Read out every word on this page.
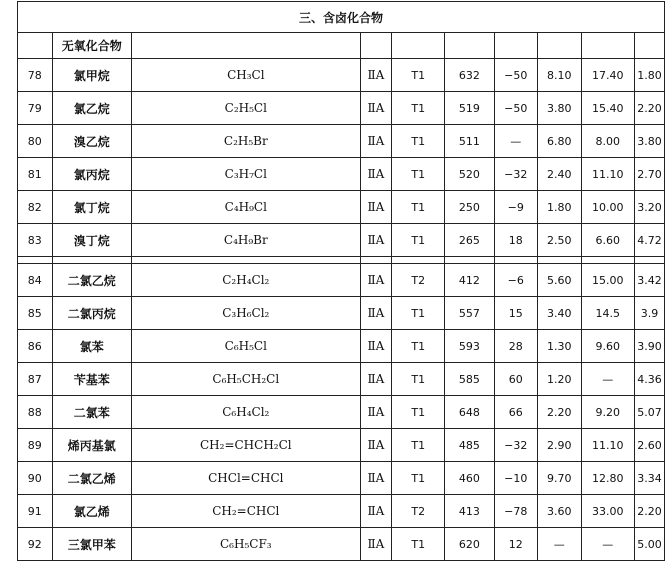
三、含卤化合物									
	无氧化合物								
78	氯甲烷	CH₃Cl	ⅡA	T1	632	−50	8.10	17.40	1.80
79	氯乙烷	C₂H₅Cl	ⅡA	T1	519	−50	3.80	15.40	2.20
80	溴乙烷	C₂H₅Br	ⅡA	T1	511	—	6.80	8.00	3.80
81	氯丙烷	C₃H₇Cl	ⅡA	T1	520	−32	2.40	11.10	2.70
82	氯丁烷	C₄H₉Cl	ⅡA	T1	250	−9	1.80	10.00	3.20
83	溴丁烷	C₄H₉Br	ⅡA	T1	265	18	2.50	6.60	4.72

84	二氯乙烷	C₂H₄Cl₂	ⅡA	T2	412	−6	5.60	15.00	3.42
85	二氯丙烷	C₃H₆Cl₂	ⅡA	T1	557	15	3.40	14.5	3.9
86	氯苯	C₆H₅Cl	ⅡA	T1	593	28	1.30	9.60	3.90
87	苄基苯	C₆H₅CH₂Cl	ⅡA	T1	585	60	1.20	—	4.36
88	二氯苯	C₆H₄Cl₂	ⅡA	T1	648	66	2.20	9.20	5.07
89	烯丙基氯	CH₂=CHCH₂Cl	ⅡA	T1	485	−32	2.90	11.10	2.60
90	二氯乙烯	CHCl=CHCl	ⅡA	T1	460	−10	9.70	12.80	3.34
91	氯乙烯	CH₂=CHCl	ⅡA	T2	413	−78	3.60	33.00	2.20
92	三氯甲苯	C₆H₅CF₃	ⅡA	T1	620	12	—	—	5.00
